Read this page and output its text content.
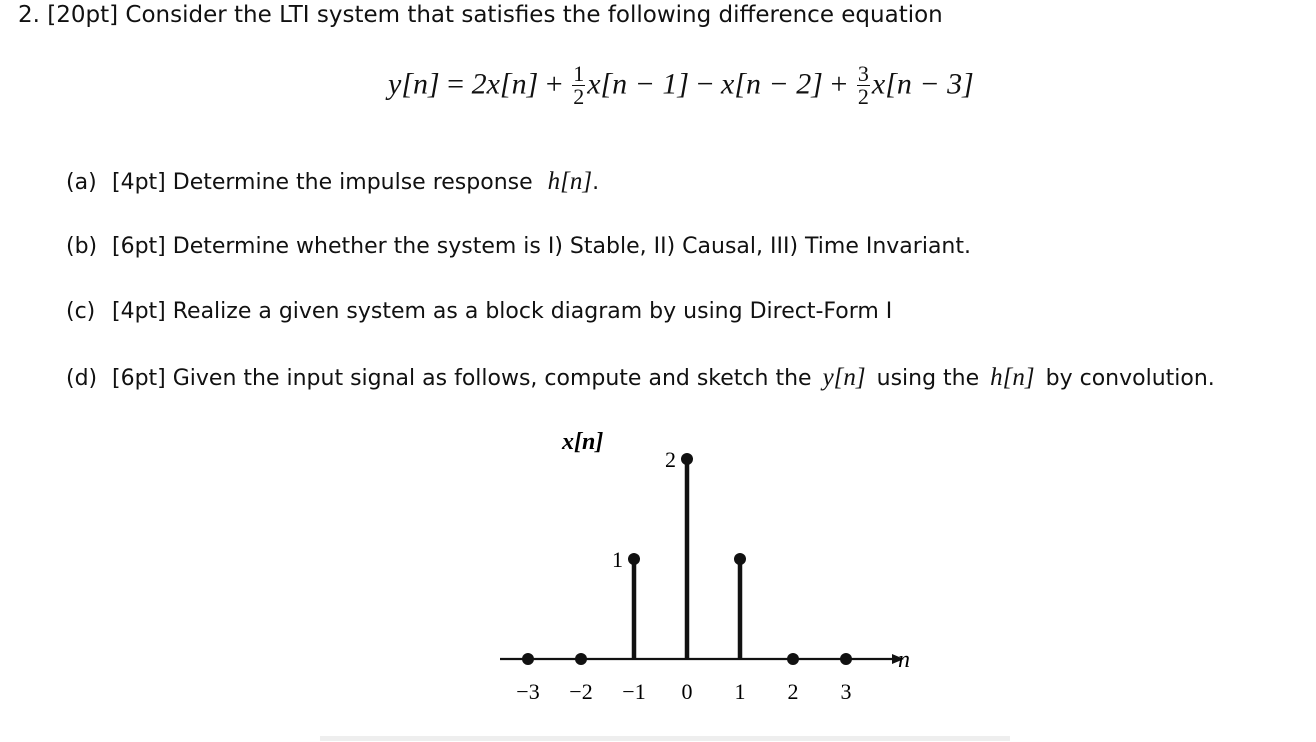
2. [20pt] Consider the LTI system that satisfies the following difference equation
$y[n] = 2x[n] + \frac{1}{2} x[n - 1] - x[n - 2] + \frac{3}{2} x[n - 3]$
(a) [4pt] Determine the impulse response h[n].
(b) [6pt] Determine whether the system is I) Stable, II) Causal, III) Time Invariant.
(c) [4pt] Realize a given system as a block diagram by using Direct-Form I
(d) [6pt] Given the input signal as follows, compute and sketch the y[n] using the h[n] by convolution.
x[n]
n
1
2
−3 −2 −1 0 1 2 3
